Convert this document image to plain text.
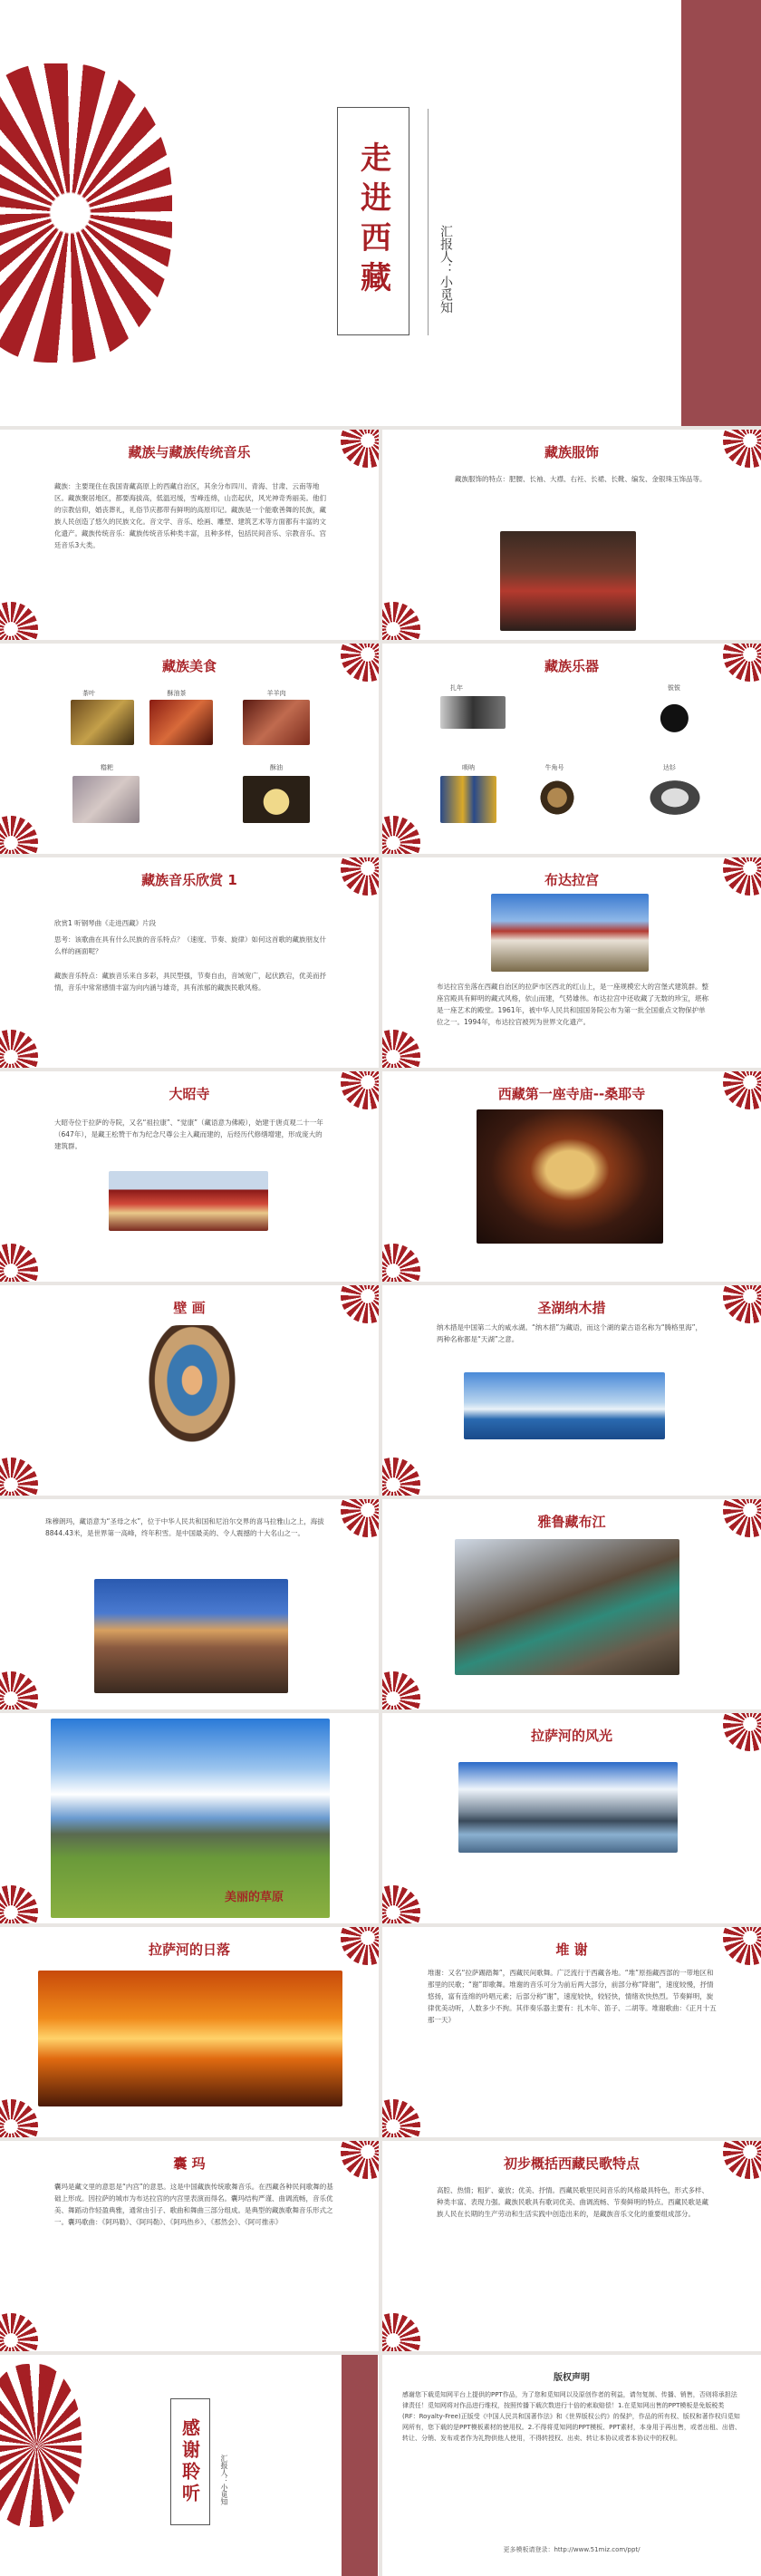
走进西藏	汇报人：小觅知
藏族与藏族传统音乐
藏族：主要现住在我国青藏高原上的西藏自治区，其余分布四川、青海、甘肃、云南等地区。藏族聚居地区，都要海拔高，低温迟缓，雪峰连绵，山峦起伏，风光神奇秀丽美。他们的宗教信仰，婚丧葬礼，礼俗节庆都带有鲜明的高原印记。藏族是一个能歌善舞的民族，藏族人民创造了悠久的民族文化。音文学、音乐、绘画、雕塑、建筑艺术等方面都有丰富的文化遗产。藏族传统音乐：藏族传统音乐种类丰富，且种多样，包括民间音乐、宗教音乐、宫廷音乐3大类。
藏族服饰
藏族服饰的特点：肥腰、长袖、大襟、右衽、长裙、长靴、编发、金银珠玉饰品等。
藏族美食
茶叶	酥油茶	羊羊肉
糌粑	酥油
藏族乐器
扎年	钹钹
唢呐	牛角号	达钐
藏族音乐欣赏 1
欣赏1 听钢琴曲《走进西藏》片段
思考：该歌曲在具有什么民族的音乐特点？（速度、节奏、旋律）如何这首歌的藏族朋友什么样的画面呢？
藏族音乐特点：藏族音乐来自多彩，具民型强，节奏自由，音域宽广，起伏跌宕，优美而抒情，音乐中常常感情丰富为向内涵与雄奇，具有浓郁的藏族民歌风格。
布达拉宫
布达拉宫坐落在西藏自治区的拉萨市区西北的红山上，是一座规模宏大的宫堡式建筑群。整座宫殿具有鲜明的藏式风格，依山而建，气势雄伟。布达拉宫中还收藏了无数的珍宝，堪称是一座艺术的殿堂。1961年，被中华人民共和国国务院公布为第一批全国重点文物保护单位之一。1994年，布达拉宫被列为世界文化遗产。
大昭寺
大昭寺位于拉萨的寺院，又名“祖拉康”、“觉康”（藏语意为佛殿），始建于唐贞观二十一年（647年），是藏王松赞干布为纪念尺尊公主入藏而建的，后经历代修缮增建，形成庞大的建筑群。
西藏第一座寺庙--桑耶寺
壁 画	圣湖纳木措
纳木措是中国第二大的咸水湖。“纳木措”为藏语，而这个湖的蒙古语名称为“腾格里海”，两种名称都是“天湖”之意。
珠穆朗玛，藏语意为“圣母之水”，位于中华人民共和国和尼泊尔交界的喜马拉雅山之上，海拔8844.43米，是世界第一高峰，终年积雪。是中国最美的、令人震撼的十大名山之一。
雅鲁藏布江
美丽的草原
拉萨河的风光
拉萨河的日落	堆 谢
堆谢：又名“拉萨踢踏舞”，西藏民间歌舞。广泛流行于西藏各地。“堆”原指藏西部的一带地区和那里的民歌；“谢”即歌舞。堆谢的音乐可分为前后两大部分，前部分称“降谢”，速度较慢，抒情悠扬，富有连绵的吟唱元素；后部分称“谢”，速度较快，较轻快，情绪欢快热烈。节奏鲜明，旋律优美动听，人数多少不拘。其伴奏乐器主要有：扎木年、笛子、二胡等。堆谢歌曲：《正月十五那一天》
囊 玛
囊玛是藏文里的意思是“内宫”的意思。这是中国藏族传统歌舞音乐。在西藏各种民间歌舞的基础上形成。因拉萨的城市为布达拉宫的内宫里表演而得名。囊玛结构严谨、曲调流畅，音乐优美、舞蹈动作轻盈典雅，通常由引子、歌曲和舞曲三部分组成。是典型的藏族歌舞音乐形式之一。囊玛歌曲：《阿玛勒》、《阿玛勒》、《阿玛热乡》、《那然会》、《阿可推赤》
初步概括西藏民歌特点
高腔、热情；粗犷、豪放；优美、抒情。西藏民歌里民间音乐的风格最具特色，形式多样、种类丰富、表现力强。藏族民歌具有歌词优美、曲调流畅、节奏鲜明的特点。西藏民歌是藏族人民在长期的生产劳动和生活实践中创造出来的，是藏族音乐文化的重要组成部分。
感谢聆听	汇报人：小觅知
版权声明
感谢您下载觅知网平台上提供的PPT作品，为了您和觅知网以及原创作者的利益，请勿复制、传播、销售，否则将承担法律责任！觅知网将对作品进行维权，按照传播下载次数进行十倍的索取赔偿！1.在觅知网出售的PPT模板是免版税类(RF：Royalty-Free)正版受《中国人民共和国著作法》和《世界版权公约》的保护，作品的所有权、版权和著作权归觅知网所有，您下载的是PPT模板素材的使用权。2.不得将觅知网的PPT模板、PPT素材，本身用于再出售，或者出租、出借、转让、分销、发布或者作为礼物供他人使用，不得转授权、出卖、转让本协议或者本协议中的权利。
更多模板请登录：http://www.51miz.com/ppt/
